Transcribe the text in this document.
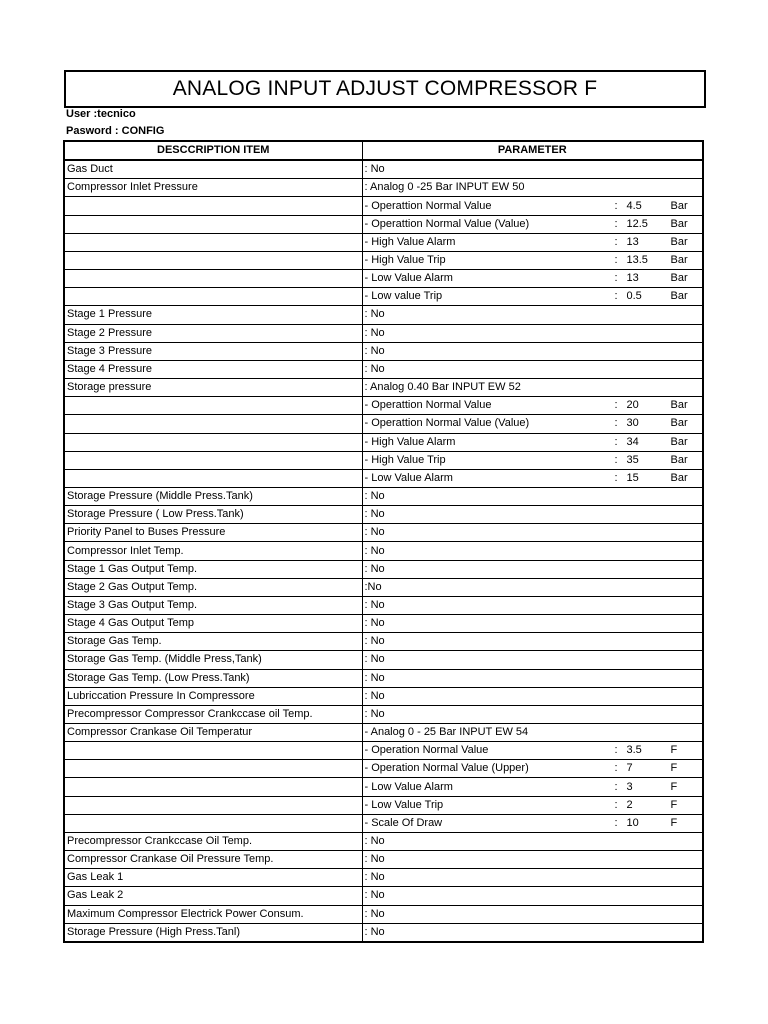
ANALOG INPUT ADJUST COMPRESSOR F
User :tecnico
Pasword : CONFIG
DESCCRIPTION ITEM	PARAMETER
Gas Duct	: No

Compressor Inlet Pressure	: Analog 0 -25 Bar INPUT EW 50

	- Operattion Normal Value : 4.5 Bar

	- Operattion Normal Value (Value) : 12.5 Bar

	- High Value Alarm : 13 Bar

	- High Value Trip : 13.5 Bar

	- Low Value Alarm : 13 Bar

	- Low value Trip : 0.5 Bar

Stage 1 Pressure	: No

Stage 2 Pressure	: No

Stage 3 Pressure	: No

Stage 4 Pressure	: No

Storage pressure	: Analog 0.40 Bar INPUT EW 52

	- Operattion Normal Value : 20 Bar

	- Operattion Normal Value (Value) : 30 Bar

	- High Value Alarm : 34 Bar

	- High Value Trip : 35 Bar

	- Low Value Alarm : 15 Bar

Storage Pressure (Middle Press.Tank)	: No

Storage Pressure ( Low Press.Tank)	: No

Priority Panel to Buses Pressure	: No

Compressor Inlet Temp.	: No

Stage 1 Gas Output Temp.	: No

Stage 2 Gas Output Temp.	:No

Stage 3 Gas Output Temp.	: No

Stage 4 Gas Output Temp	: No

Storage Gas Temp.	: No

Storage Gas Temp. (Middle Press,Tank)	: No

Storage Gas Temp. (Low Press.Tank)	: No

Lubriccation Pressure In Compressore	: No

Precompressor Compressor Crankccase oil Temp.	: No

Compressor Crankase Oil Temperatur	- Analog 0 - 25 Bar INPUT EW 54

	- Operation Normal Value : 3.5 F

	- Operation Normal Value (Upper) : 7 F

	- Low Value Alarm : 3 F

	- Low Value Trip : 2 F

	- Scale Of Draw : 10 F

Precompressor Crankccase Oil Temp.	: No

Compressor Crankase Oil Pressure Temp.	: No

Gas Leak 1	: No

Gas Leak 2	: No

Maximum Compressor Electrick Power Consum.	: No

Storage Pressure (High Press.Tanl)	: No
